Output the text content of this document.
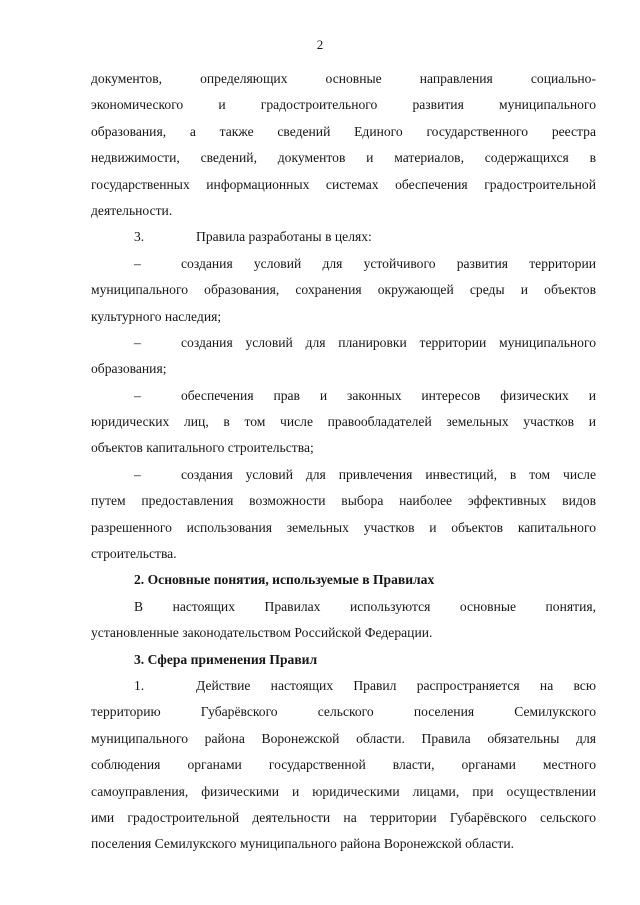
2
документов, определяющих основные направления социально-
экономического и градостроительного развития муниципального
образования, а также сведений Единого государственного реестра
недвижимости, сведений, документов и материалов, содержащихся в
государственных информационных системах обеспечения градостроительной
деятельности.
3.	Правила разработаны в целях:
–	создания условий для устойчивого развития территории
муниципального образования, сохранения окружающей среды и объектов
культурного наследия;
–	создания условий для планировки территории муниципального
образования;
–	обеспечения прав и законных интересов физических и
юридических лиц, в том числе правообладателей земельных участков и
объектов капитального строительства;
–	создания условий для привлечения инвестиций, в том числе
путем предоставления возможности выбора наиболее эффективных видов
разрешенного использования земельных участков и объектов капитального
строительства.
2. Основные понятия, используемые в Правилах
В настоящих Правилах используются основные понятия,
установленные законодательством Российской Федерации.
3. Сфера применения Правил
1.	Действие настоящих Правил распространяется на всю
территорию Губарёвского сельского поселения Семилукского
муниципального района Воронежской области. Правила обязательны для
соблюдения органами государственной власти, органами местного
самоуправления, физическими и юридическими лицами, при осуществлении
ими градостроительной деятельности на территории Губарёвского сельского
поселения Семилукского муниципального района Воронежской области.
